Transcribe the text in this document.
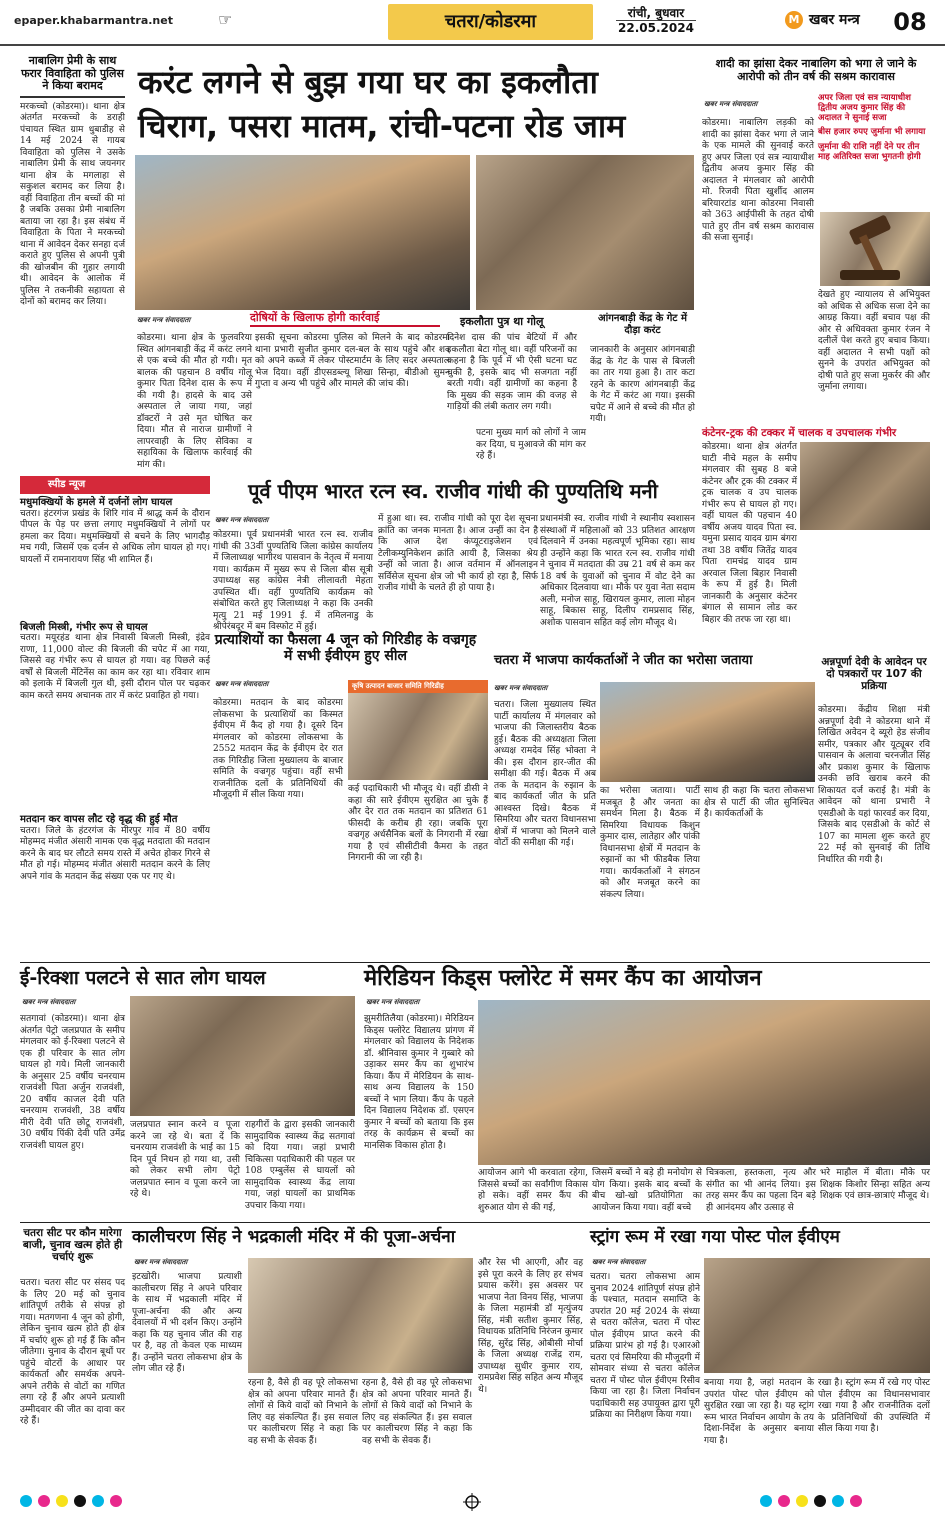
epaper.khabarmantra.net	☞	चतरा/कोडरमा	रांची, बुधवार
22.05.2024
M खबर मन्त्र 08
नाबालिग प्रेमी के साथ फरार विवाहिता को पुलिस ने किया बरामद
मरकच्चो (कोडरमा)। थाना क्षेत्र अंतर्गत मरकच्चो के डराही पंचायत स्थित ग्राम धुबाडीह से 14 मई 2024 से गायब विवाहिता को पुलिस ने उसके नाबालिग प्रेमी के साथ जयनगर थाना क्षेत्र के मगलाहा से सकुशल बरामद कर लिया है। वहीं विवाहिता तीन बच्चों की मां है जबकि उसका प्रेमी नाबालिग बताया जा रहा है। इस संबंध में विवाहिता के पिता ने मरकच्चो थाना में आवेदन देकर सनहा दर्ज कराते हुए पुलिस से अपनी पुत्री की खोजबीन की गुहार लगायी थी। आवेदन के आलोक में पुलिस ने तकनीकी सहायता से दोनों को बरामद कर लिया।
करंट लगने से बुझ गया घर का इकलौता
चिराग, पसरा मातम, रांची-पटना रोड जाम
खबर मन्त्र संवाददाता	दोषियों के खिलाफ होगी कार्रवाई	इकलौता पुत्र था गोलू
कोडरमा। थाना क्षेत्र के फुलवरिया स्थित आंगनबाड़ी केंद्र में करंट लगने से एक बच्चे की मौत हो गयी। मृत बालक की पहचान 8 वर्षीय गोलू कुमार पिता दिनेश दास के रूप में की गयी है। हादसे के बाद उसे अस्पताल ले जाया गया, जहां डॉक्टरों ने उसे मृत घोषित कर दिया। मौत से नाराज ग्रामीणों ने लापरवाही के लिए सेविका व सहायिका के खिलाफ कार्रवाई की मांग की।
इसकी सूचना कोडरमा पुलिस को मिलने के बाद कोडरमा थाना प्रभारी सुजीत कुमार दल-बल के साथ पहुंचे और शव को अपने कब्जे में लेकर पोस्टमार्टम के लिए सदर अस्पताल भेज दिया। वहीं डीएसडब्ल्यू शिखा सिन्हा, बीडीओ सुमन गुप्ता व अन्य भी पहुंचे और मामले की जांच की।
दिनेश दास की पांच बेटियों में और इकलौता बेटा गोलू था। वहीं परिजनों का कहना है कि पूर्व में भी ऐसी घटना घट चुकी है, इसके बाद भी सजगता नहीं बरती गयी। वहीं ग्रामीणों का कहना है कि मुख्य की सड़क जाम की वजह से गाड़ियों की लंबी कतार लग गयी।
पटना मुख्य मार्ग को लोगों ने जाम कर दिया, घ मुआवजे की मांग कर रहे हैं।
आंगनबाड़ी केंद्र के गेट में दौड़ा करंट
जानकारी के अनुसार आंगनबाड़ी केंद्र के गेट के पास से बिजली का तार गया हुआ है। तार कटा रहने के कारण आंगनबाड़ी केंद्र के गेट में करंट आ गया। इसकी चपेट में आने से बच्चे की मौत हो गयी।
शादी का झांसा देकर नाबालिग को भगा ले जाने के आरोपी को तीन वर्ष की सश्रम कारावास
खबर मन्त्र संवाददाता
कोडरमा। नाबालिग लड़की को शादी का झांसा देकर भगा ले जाने के एक मामले की सुनवाई करते हुए अपर जिला एवं सत्र न्यायाधीश द्वितीय अजय कुमार सिंह की अदालत ने मंगलवार को आरोपी मो. रिजवी पिता खुर्शीद आलम बरियारटांड थाना कोडरमा निवासी को 363 आईपीसी के तहत दोषी पाते हुए तीन वर्ष सश्रम कारावास की सजा सुनाई।
अपर जिला एवं सत्र न्यायाधीश द्वितीय अजय कुमार सिंह की अदालत ने सुनाई सजा
बीस हजार रुपए जुर्माना भी लगाया
जुर्माना की राशि नहीं देने पर तीन माह अतिरिक्त सजा भुगतनी होगी
देखते हुए न्यायालय से अभियुक्त को अधिक से अधिक सजा देने का आग्रह किया। वहीं बचाव पक्ष की ओर से अधिवक्ता कुमार रंजन ने दलीलें पेश करते हुए बचाव किया। वहीं अदालत ने सभी पक्षों को सुनने के उपरांत अभियुक्त को दोषी पाते हुए सजा मुकर्रर की और जुर्माना लगाया।
कंटेनर-ट्रक की टक्कर में चालक व उपचालक गंभीर
कोडरमा। थाना क्षेत्र अंतर्गत घाटी नीचे महल के समीप मंगलवार की सुबह 8 बजे कंटेनर और ट्रक की टक्कर में ट्रक चालक व उप चालक गंभीर रूप से घायल हो गए। वहीं घायल की पहचान 40 वर्षीय अजय यादव पिता स्व. यमुना प्रसाद यादव ग्राम बंगरा तथा 38 वर्षीय जितेंद्र यादव पिता रामचंद्र यादव ग्राम अरवाल जिला बिहार निवासी के रूप में हुई है। मिली जानकारी के अनुसार कंटेनर बंगाल से सामान लोड कर बिहार की तरफ जा रहा था।
स्पीड न्यूज
मधुमक्खियों के हमले में दर्जनों लोग घायल
चतरा। हंटरगंज प्रखंड के शिरि गांव में श्राद्ध कर्म के दौरान पीपल के पेड़ पर छत्ता लगाए मधुमक्खियों ने लोगों पर हमला कर दिया। मधुमक्खियों से बचने के लिए भागदौड़ मच गयी, जिसमें एक दर्जन से अधिक लोग घायल हो गए। घायलों में रामनारायण सिंह भी शामिल हैं।
बिजली मिस्त्री, गंभीर रूप से घायल
चतरा। मयूरहंड थाना क्षेत्र निवासी बिजली मिस्त्री, इंद्रेव राणा, 11,000 वोल्ट की बिजली की चपेट में आ गया, जिससे वह गंभीर रूप से घायल हो गया। वह पिछले कई वर्षों से बिजली मेंटिनेंस का काम कर रहा था। रविवार शाम को इलाके में बिजली गुल थी, इसी दौरान पोल पर चढ़कर काम करते समय अचानक तार में करंट प्रवाहित हो गया।
मतदान कर वापस लौट रहे वृद्ध की हुई मौत
चतरा। जिले के हंटरगंज के मीरपुर गांव में 80 वर्षीय मोहम्मद मंजीत अंसारी नामक एक वृद्ध मतदाता की मतदान करने के बाद घर लौटते समय रास्ते में अचेत होकर गिरने से मौत हो गई। मोहम्मद मंजीत अंसारी मतदान करने के लिए अपने गांव के मतदान केंद्र संख्या एक पर गए थे।
पूर्व पीएम भारत रत्न स्व. राजीव गांधी की पुण्यतिथि मनी
खबर मन्त्र संवाददाता
कोडरमा। पूर्व प्रधानमंत्री भारत रत्न स्व. राजीव गांधी की 33वीं पुण्यतिथि जिला कांग्रेस कार्यालय में जिलाध्यक्ष भागीरथ पासवान के नेतृत्व में मनाया गया। कार्यक्रम में मुख्य रूप से जिला बीस सूत्री उपाध्यक्ष सह कांग्रेस नेत्री लीलावती मेहता उपस्थित थीं। वहीं पुण्यतिथि कार्यक्रम को संबोधित करते हुए जिलाध्यक्ष ने कहा कि उनकी मृत्यु 21 मई 1991 ई. में तमिलनाडु के श्रीपेरंबदूर में बम विस्फोट में हुई।
में हुआ था। स्व. राजीव गांधी को पूरा देश सूचना क्रांति का जनक मानता है। आज उन्हीं का देन है कि आज देश कंप्यूटराइजेशन एवं टेलीकम्युनिकेशन क्रांति आयी है, जिसका श्रेय उन्हीं को जाता है। आज वर्तमान में ऑनलाइन सर्विसेज सूचना क्षेत्र जो भी कार्य हो रहा है, सिर्फ राजीव गांधी के चलते ही हो पाया है।
प्रधानमंत्री स्व. राजीव गांधी ने स्थानीय स्वशासन संस्थाओं में महिलाओं को 33 प्रतिशत आरक्षण दिलवाने में उनका महत्वपूर्ण भूमिका रहा। साथ ही उन्होंने कहा कि भारत रत्न स्व. राजीव गांधी ने चुनाव में मतदाता की उम्र 21 वर्ष से कम कर 18 वर्ष के युवाओं को चुनाव में वोट देने का अधिकार दिलवाया था। मौके पर युवा नेता सदाम अली, मनोज साहू, खिरायल कुमार, लाला मोहन साहू, बिकास साहू, दिलीप रामप्रसाद सिंह, अशोक पासवान सहित कई लोग मौजूद थे।
प्रत्याशियों का फैसला 4 जून को गिरिडीह के वज्रगृह में सभी ईवीएम हुए सील
खबर मन्त्र संवाददाता	कृषि उत्पादन बाजार समिति गिरिडीह
कोडरमा। मतदान के बाद कोडरमा लोकसभा के प्रत्याशियों का किस्मत ईवीएम में कैद हो गया है। दूसरे दिन मंगलवार को कोडरमा लोकसभा के 2552 मतदान केंद्र के ईवीएम देर रात तक गिरिडीह जिला मुख्यालय के बाजार समिति के वज्रगृह पहुंचा। वहीं सभी राजनीतिक दलों के प्रतिनिधियों की मौजूदगी में सील किया गया।
कई पदाधिकारी भी मौजूद थे। वहीं डीसी ने कहा की सारे ईवीएम सुरक्षित आ चुके हैं और देर रात तक मतदान का प्रतिशत 61 फीसदी के करीब ही रहा। जबकि पूरा वज्रगृह अर्धसैनिक बलों के निगरानी में रखा गया है एवं सीसीटीवी कैमरा के तहत निगरानी की जा रही है।
चतरा में भाजपा कार्यकर्ताओं ने जीत का भरोसा जताया
खबर मन्त्र संवाददाता
चतरा। जिला मुख्यालय स्थित पार्टी कार्यालय में मंगलवार को भाजपा की जिलास्तरीय बैठक हुई। बैठक की अध्यक्षता जिला अध्यक्ष रामदेव सिंह भोक्ता ने की। इस दौरान हार-जीत की समीक्षा की गई। बैठक में अब तक के मतदान के रुझान के बाद कार्यकर्ता जीत के प्रति आश्वस्त दिखे। बैठक में सिमरिया और चतरा विधानसभा क्षेत्रों में भाजपा को मिलने वाले वोटों की समीक्षा की गई।
का भरोसा जताया। पार्टी मजबूत है और जनता का समर्थन मिला है। बैठक में सिमरिया विधायक किशुन कुमार दास, लातेहार और पांकी विधानसभा क्षेत्रों में मतदान के रुझानों का भी फीडबैक लिया गया। कार्यकर्ताओं ने संगठन को और मजबूत करने का संकल्प लिया।
साथ ही कहा कि चतरा लोकसभा क्षेत्र से पार्टी की जीत सुनिश्चित है। कार्यकर्ताओं के
अन्नपूर्णा देवी के आवेदन पर दो पत्रकारों पर 107 की प्रक्रिया
कोडरमा। केंद्रीय शिक्षा मंत्री अन्नपूर्णा देवी ने कोडरमा थाने में लिखित अवेदन दे ब्यूरो हेड संजीव समीर, पत्रकार और यूट्यूबर रवि पासवान के अलावा चरनजीत सिंह और प्रकाश कुमार के खिलाफ उनकी छवि खराब करने की शिकायत दर्ज कराई है। मंत्री के आवेदन को थाना प्रभारी ने एसडीओ के यहां फारवर्ड कर दिया, जिसके बाद एसडीओ के कोर्ट से 107 का मामला शुरू करते हुए 22 मई को सुनवाई की तिथि निर्धारित की गयी है।
ई-रिक्शा पलटने से सात लोग घायल
खबर मन्त्र संवाददाता
सतगावां (कोडरमा)। थाना क्षेत्र अंतर्गत पेट्रो जलप्रपात के समीप मंगलवार को ई-रिक्शा पलटने से एक ही परिवार के सात लोग घायल हो गये। मिली जानकारी के अनुसार 25 वर्षीय चनरयाम राजवंशी पिता अर्जुन राजवंशी, 20 वर्षीय काजल देवी पति चनरयाम राजवंशी, 38 वर्षीय मीरी देवी पति छोटू राजवंशी, 30 वर्षीय पिंकी देवी पति उमेंद्र राजवंशी घायल हुए।
जलप्रपात स्नान करने व पूजा करने जा रहे थे। बता दें कि चनरयाम राजवंशी के भाई का 15 दिन पूर्व निधन हो गया था, उसी को लेकर सभी लोग पेट्रो जलप्रपात स्नान व पूजा करने जा रहे थे।
राहगीरों के द्वारा इसकी जानकारी सामुदायिक स्वास्थ्य केंद्र सतगावां को दिया गया। जहां प्रभारी चिकित्सा पदाधिकारी की पहल पर 108 एम्बुलेंस से घायलों को सामुदायिक स्वास्थ्य केंद्र लाया गया, जहां घायलों का प्राथमिक उपचार किया गया।
मेरिडियन किड्स फ्लोरेट में समर कैंप का आयोजन
खबर मन्त्र संवाददाता
झुमरीतिलैया (कोडरमा)। मेरिडियन किड्स फ्लोरेट विद्यालय प्रांगण में मंगलवार को विद्यालय के निदेशक डॉ. श्रीनिवास कुमार ने गुब्बारे को उड़ाकर समर कैंप का शुभारंभ किया। कैंप में मेरिडियन के साथ-साथ अन्य विद्यालय के 150 बच्चों ने भाग लिया। कैंप के पहले दिन विद्यालय निदेशक डॉ. एसएन कुमार ने बच्चों को बताया कि इस तरह के कार्यक्रम से बच्चों का मानसिक विकास होता है।
आयोजन आगे भी करवाता रहेगा, जिससे बच्चों का सर्वांगीण विकास हो सके। वहीं समर कैंप की शुरुआत योग से की गई,
जिसमें बच्चों ने बड़े ही मनोयोग से योग किया। इसके बाद बच्चों के बीच खो-खो प्रतियोगिता का आयोजन किया गया। वहीं बच्चे
चित्रकला, हस्तकला, नृत्य और संगीत का भी आनंद लिया। इस तरह समर कैंप का पहला दिन बड़े ही आनंदमय और उत्साह से
भरे माहौल में बीता। मौके पर शिक्षक किशोर सिन्हा सहित अन्य शिक्षक एवं छात्र-छात्राएं मौजूद थे।
चतरा सीट पर कौन मारेगा बाजी, चुनाव खत्म होते ही चर्चाएं शुरू
चतरा। चतरा सीट पर संसद पद के लिए 20 मई को चुनाव शांतिपूर्ण तरीके से संपन्न हो गया। मतगणना 4 जून को होगी, लेकिन चुनाव खत्म होते ही क्षेत्र में चर्चाएं शुरू हो गई हैं कि कौन जीतेगा। चुनाव के दौरान बूथों पर पहुंचे वोटरों के आधार पर कार्यकर्ता और समर्थक अपने-अपने तरीके से वोटों का गणित लगा रहे हैं और अपने प्रत्याशी उम्मीदवार की जीत का दावा कर रहे हैं।
कालीचरण सिंह ने भद्रकाली मंदिर में की पूजा-अर्चना
खबर मन्त्र संवाददाता
इटखोरी। भाजपा प्रत्याशी कालीचरण सिंह ने अपने परिवार के साथ में भद्रकाली मंदिर में पूजा-अर्चना की और अन्य देवालयों में भी दर्शन किए। उन्होंने कहा कि यह चुनाव जीत की राह पर है, वह तो केवल एक माध्यम हैं। उन्होंने चतरा लोकसभा क्षेत्र के लोग जीत रहे हैं।
रहना है, वैसे ही वह पूरे लोकसभा क्षेत्र को अपना परिवार मानते हैं। लोगों से किये वादों को निभाने के लिए वह संकल्पित हैं। इस सवाल पर कालीचरण सिंह ने कहा कि वह सभी के सेवक हैं।
रहना है, वैसे ही वह पूरे लोकसभा क्षेत्र को अपना परिवार मानते हैं। लोगों से किये वादों को निभाने के लिए वह संकल्पित हैं। इस सवाल पर कालीचरण सिंह ने कहा कि वह सभी के सेवक हैं।
और रेस भी आएगी, और वह इसे पूरा करने के लिए हर संभव प्रयास करेंगे। इस अवसर पर भाजपा नेता विनय सिंह, भाजपा के जिला महामंत्री डॉ मृत्युंजय सिंह, मंत्री सतीश कुमार सिंह, विधायक प्रतिनिधि निरंजन कुमार सिंह, सुरेंद्र सिंह, ओबीसी मोर्चा के जिला अध्यक्ष राजेंद्र राम, उपाध्यक्ष सुधीर कुमार राय, रामप्रवेश सिंह सहित अन्य मौजूद थे।
स्ट्रांग रूम में रखा गया पोस्ट पोल ईवीएम
खबर मन्त्र संवाददाता
चतरा। चतरा लोकसभा आम चुनाव 2024 शांतिपूर्ण संपन्न होने के पश्चात, मतदान समाप्ति के उपरांत 20 मई 2024 के संध्या से चतरा कॉलेज, चतरा में पोस्ट पोल ईवीएम प्राप्त करने की प्रक्रिया प्रारंभ हो गई है। एआरओ चतरा एवं सिमरिया की मौजूदगी में सोमवार संध्या से चतरा कॉलेज चतरा में पोस्ट पोल ईवीएम रिसीव किया जा रहा है। जिला निर्वाचन पदाधिकारी सह उपायुक्त द्वारा पूरी प्रक्रिया का निरीक्षण किया गया।
बनाया गया है, जहां मतदान के उपरांत पोस्ट पोल ईवीएम को सुरक्षित रखा जा रहा है। यह स्ट्रांग रूम भारत निर्वाचन आयोग के तय दिशा-निर्देश के अनुसार बनाया गया है।
रखा है। स्ट्रांग रूम में रखे गए पोस्ट पोल ईवीएम का विधानसभावार रखा गया है और राजनीतिक दलों के प्रतिनिधियों की उपस्थिति में सील किया गया है।
